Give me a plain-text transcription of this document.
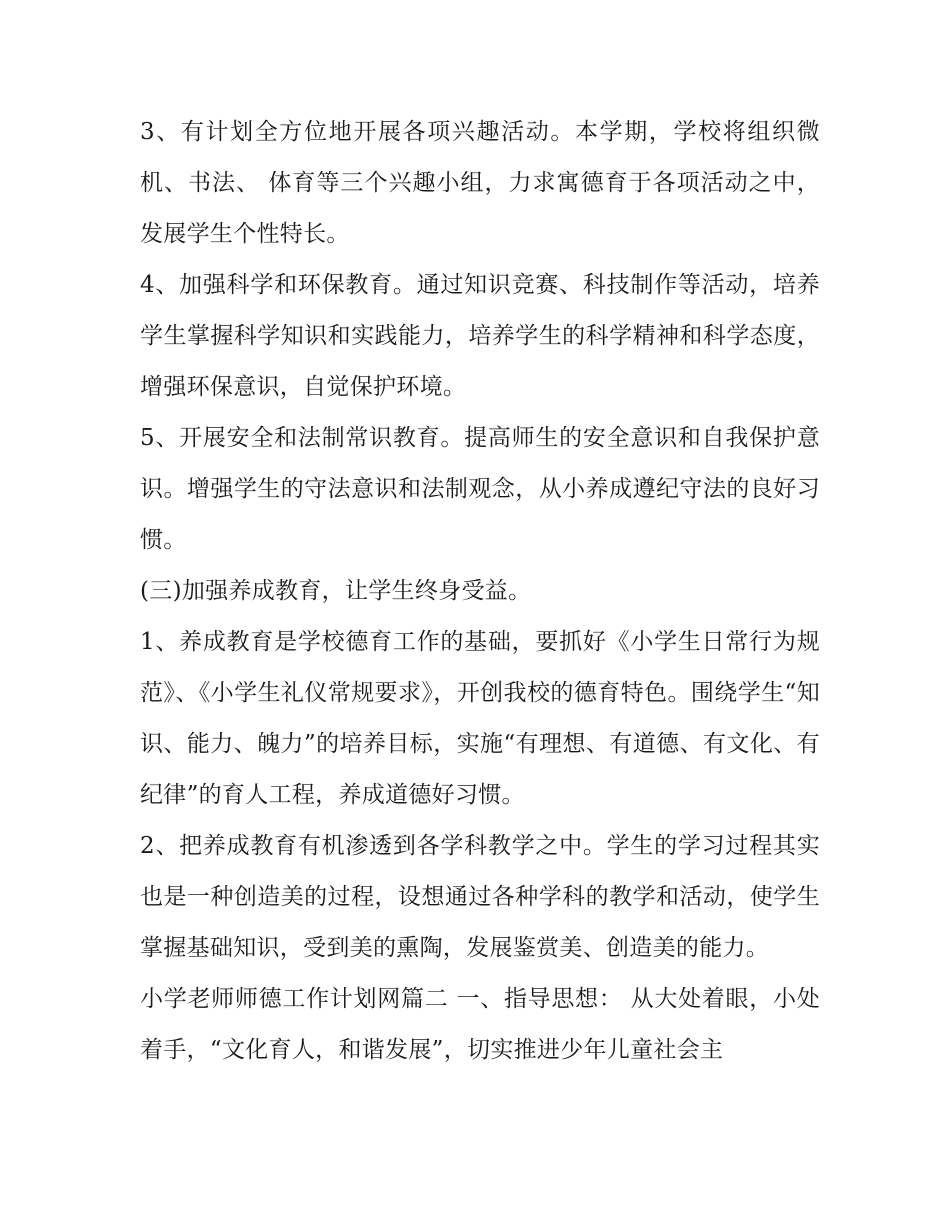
3、有计划全方位地开展各项兴趣活动。本学期，学校将组织微机、书法、 体育等三个兴趣小组，力求寓德育于各项活动之中，发展学生个性特长。

4、加强科学和环保教育。通过知识竞赛、科技制作等活动，培养学生掌握科学知识和实践能力，培养学生的科学精神和科学态度，增强环保意识，自觉保护环境。

5、开展安全和法制常识教育。提高师生的安全意识和自我保护意识。增强学生的守法意识和法制观念，从小养成遵纪守法的良好习惯。

(三)加强养成教育，让学生终身受益。

1、养成教育是学校德育工作的基础，要抓好《小学生日常行为规范》、《小学生礼仪常规要求》，开创我校的德育特色。围绕学生“知识、能力、魄力”的培养目标，实施“有理想、有道德、有文化、有纪律”的育人工程，养成道德好习惯。

2、把养成教育有机渗透到各学科教学之中。学生的学习过程其实也是一种创造美的过程，设想通过各种学科的教学和活动，使学生掌握基础知识，受到美的熏陶，发展鉴赏美、创造美的能力。

小学老师师德工作计划网篇二 一、指导思想： 从大处着眼，小处着手，“文化育人，和谐发展”，切实推进少年儿童社会主
